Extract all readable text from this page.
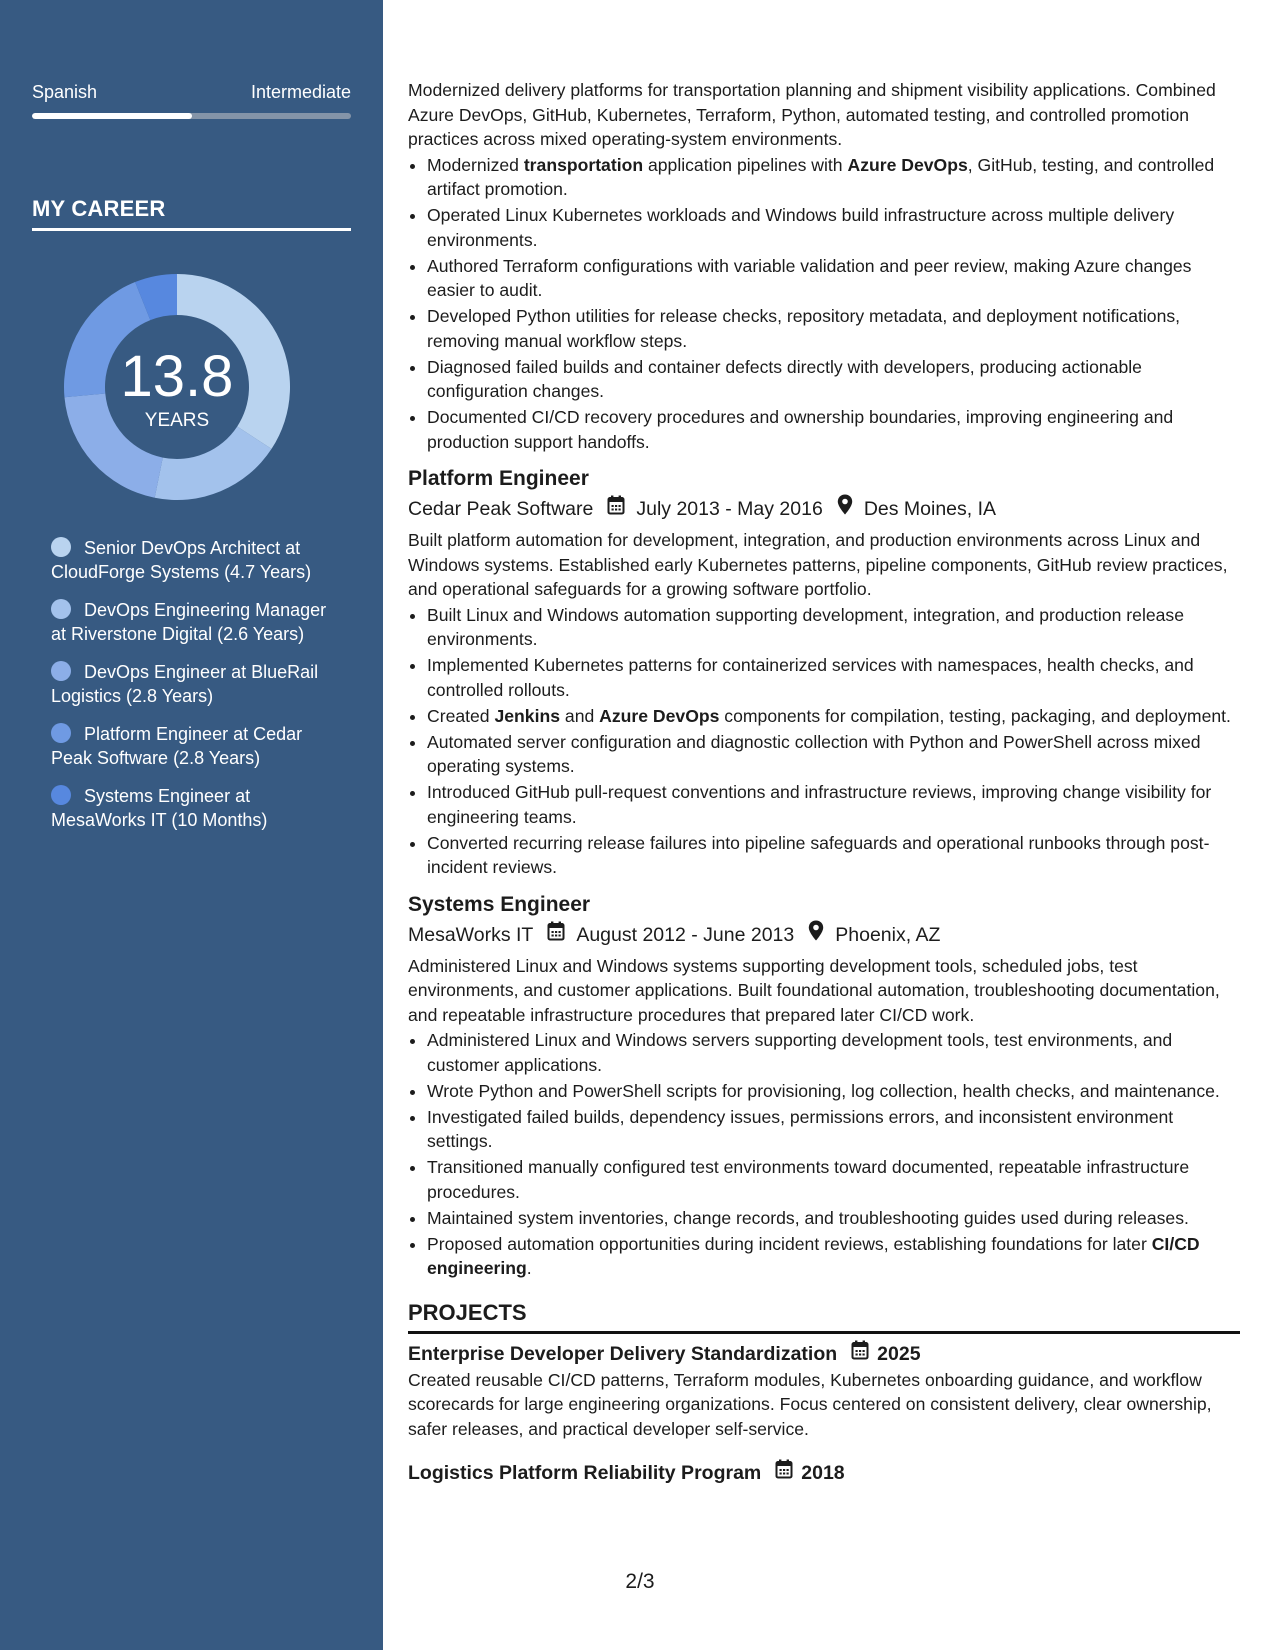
Spanish	Intermediate
MY CAREER
13.8
YEARS
Senior DevOps Architect at CloudForge Systems (4.7 Years)
DevOps Engineering Manager at Riverstone Digital (2.6 Years)
DevOps Engineer at BlueRail Logistics (2.8 Years)
Platform Engineer at Cedar Peak Software (2.8 Years)
Systems Engineer at MesaWorks IT (10 Months)

Modernized delivery platforms for transportation planning and shipment visibility applications. Combined Azure DevOps, GitHub, Kubernetes, Terraform, Python, automated testing, and controlled promotion practices across mixed operating-system environments.

• Modernized transportation application pipelines with Azure DevOps, GitHub, testing, and controlled artifact promotion.
• Operated Linux Kubernetes workloads and Windows build infrastructure across multiple delivery environments.
• Authored Terraform configurations with variable validation and peer review, making Azure changes easier to audit.
• Developed Python utilities for release checks, repository metadata, and deployment notifications, removing manual workflow steps.
• Diagnosed failed builds and container defects directly with developers, producing actionable configuration changes.
• Documented CI/CD recovery procedures and ownership boundaries, improving engineering and production support handoffs.
Platform Engineer
Cedar Peak Software July 2013 - May 2016 Des Moines, IA

Built platform automation for development, integration, and production environments across Linux and Windows systems. Established early Kubernetes patterns, pipeline components, GitHub review practices, and operational safeguards for a growing software portfolio.

• Built Linux and Windows automation supporting development, integration, and production release environments.
• Implemented Kubernetes patterns for containerized services with namespaces, health checks, and controlled rollouts.
• Created Jenkins and Azure DevOps components for compilation, testing, packaging, and deployment.
• Automated server configuration and diagnostic collection with Python and PowerShell across mixed operating systems.
• Introduced GitHub pull-request conventions and infrastructure reviews, improving change visibility for engineering teams.
• Converted recurring release failures into pipeline safeguards and operational runbooks through post-incident reviews.
Systems Engineer
MesaWorks IT August 2012 - June 2013 Phoenix, AZ

Administered Linux and Windows systems supporting development tools, scheduled jobs, test environments, and customer applications. Built foundational automation, troubleshooting documentation, and repeatable infrastructure procedures that prepared later CI/CD work.

• Administered Linux and Windows servers supporting development tools, test environments, and customer applications.
• Wrote Python and PowerShell scripts for provisioning, log collection, health checks, and maintenance.
• Investigated failed builds, dependency issues, permissions errors, and inconsistent environment settings.
• Transitioned manually configured test environments toward documented, repeatable infrastructure procedures.
• Maintained system inventories, change records, and troubleshooting guides used during releases.
• Proposed automation opportunities during incident reviews, establishing foundations for later CI/CD engineering.
PROJECTS
Enterprise Developer Delivery Standardization 2025

Created reusable CI/CD patterns, Terraform modules, Kubernetes onboarding guidance, and workflow scorecards for large engineering organizations. Focus centered on consistent delivery, clear ownership, safer releases, and practical developer self-service.

Logistics Platform Reliability Program 2018
2/3
